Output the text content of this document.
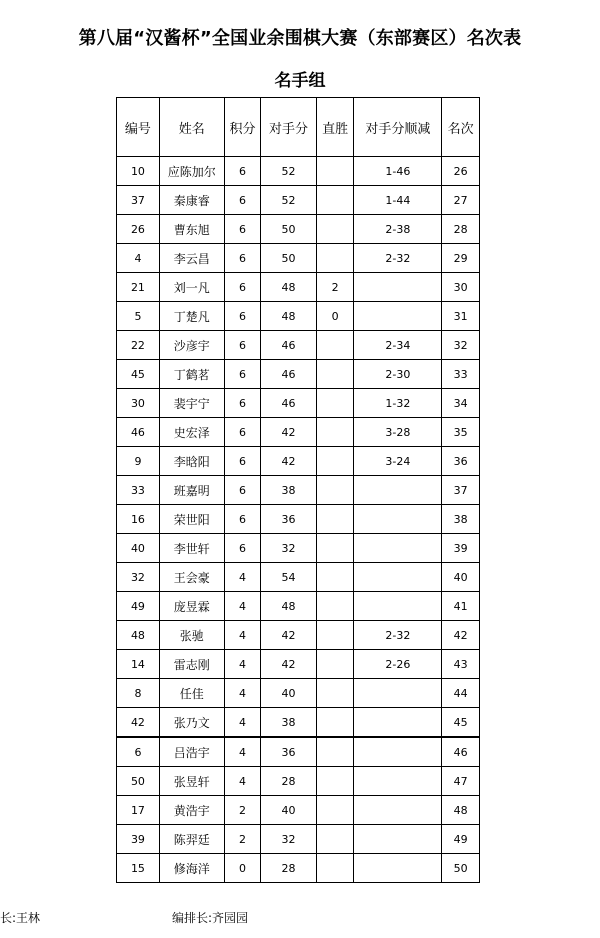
第八届“汉酱杯”全国业余围棋大赛（东部赛区）名次表
名手组
编号	姓名	积分	对手分	直胜	对手分顺减	名次
10	应陈加尔	6	52		1-46	26
37	秦康睿	6	52		1-44	27
26	曹东旭	6	50		2-38	28
4	李云昌	6	50		2-32	29
21	刘一凡	6	48	2		30
5	丁楚凡	6	48	0		31
22	沙彦宇	6	46		2-34	32
45	丁鹤茗	6	46		2-30	33
30	裴宇宁	6	46		1-32	34
46	史宏泽	6	42		3-28	35
9	李晗阳	6	42		3-24	36
33	班嘉明	6	38			37
16	荣世阳	6	36			38
40	李世轩	6	32			39
32	王会豪	4	54			40
49	庞昱霖	4	48			41
48	张驰	4	42		2-32	42
14	雷志刚	4	42		2-26	43
8	任佳	4	40			44
42	张乃文	4	38			45
6	吕浩宇	4	36			46
50	张昱轩	4	28			47
17	黄浩宇	2	40			48
39	陈羿廷	2	32			49
15	修海洋	0	28			50
长:王林	编排长:齐园园
